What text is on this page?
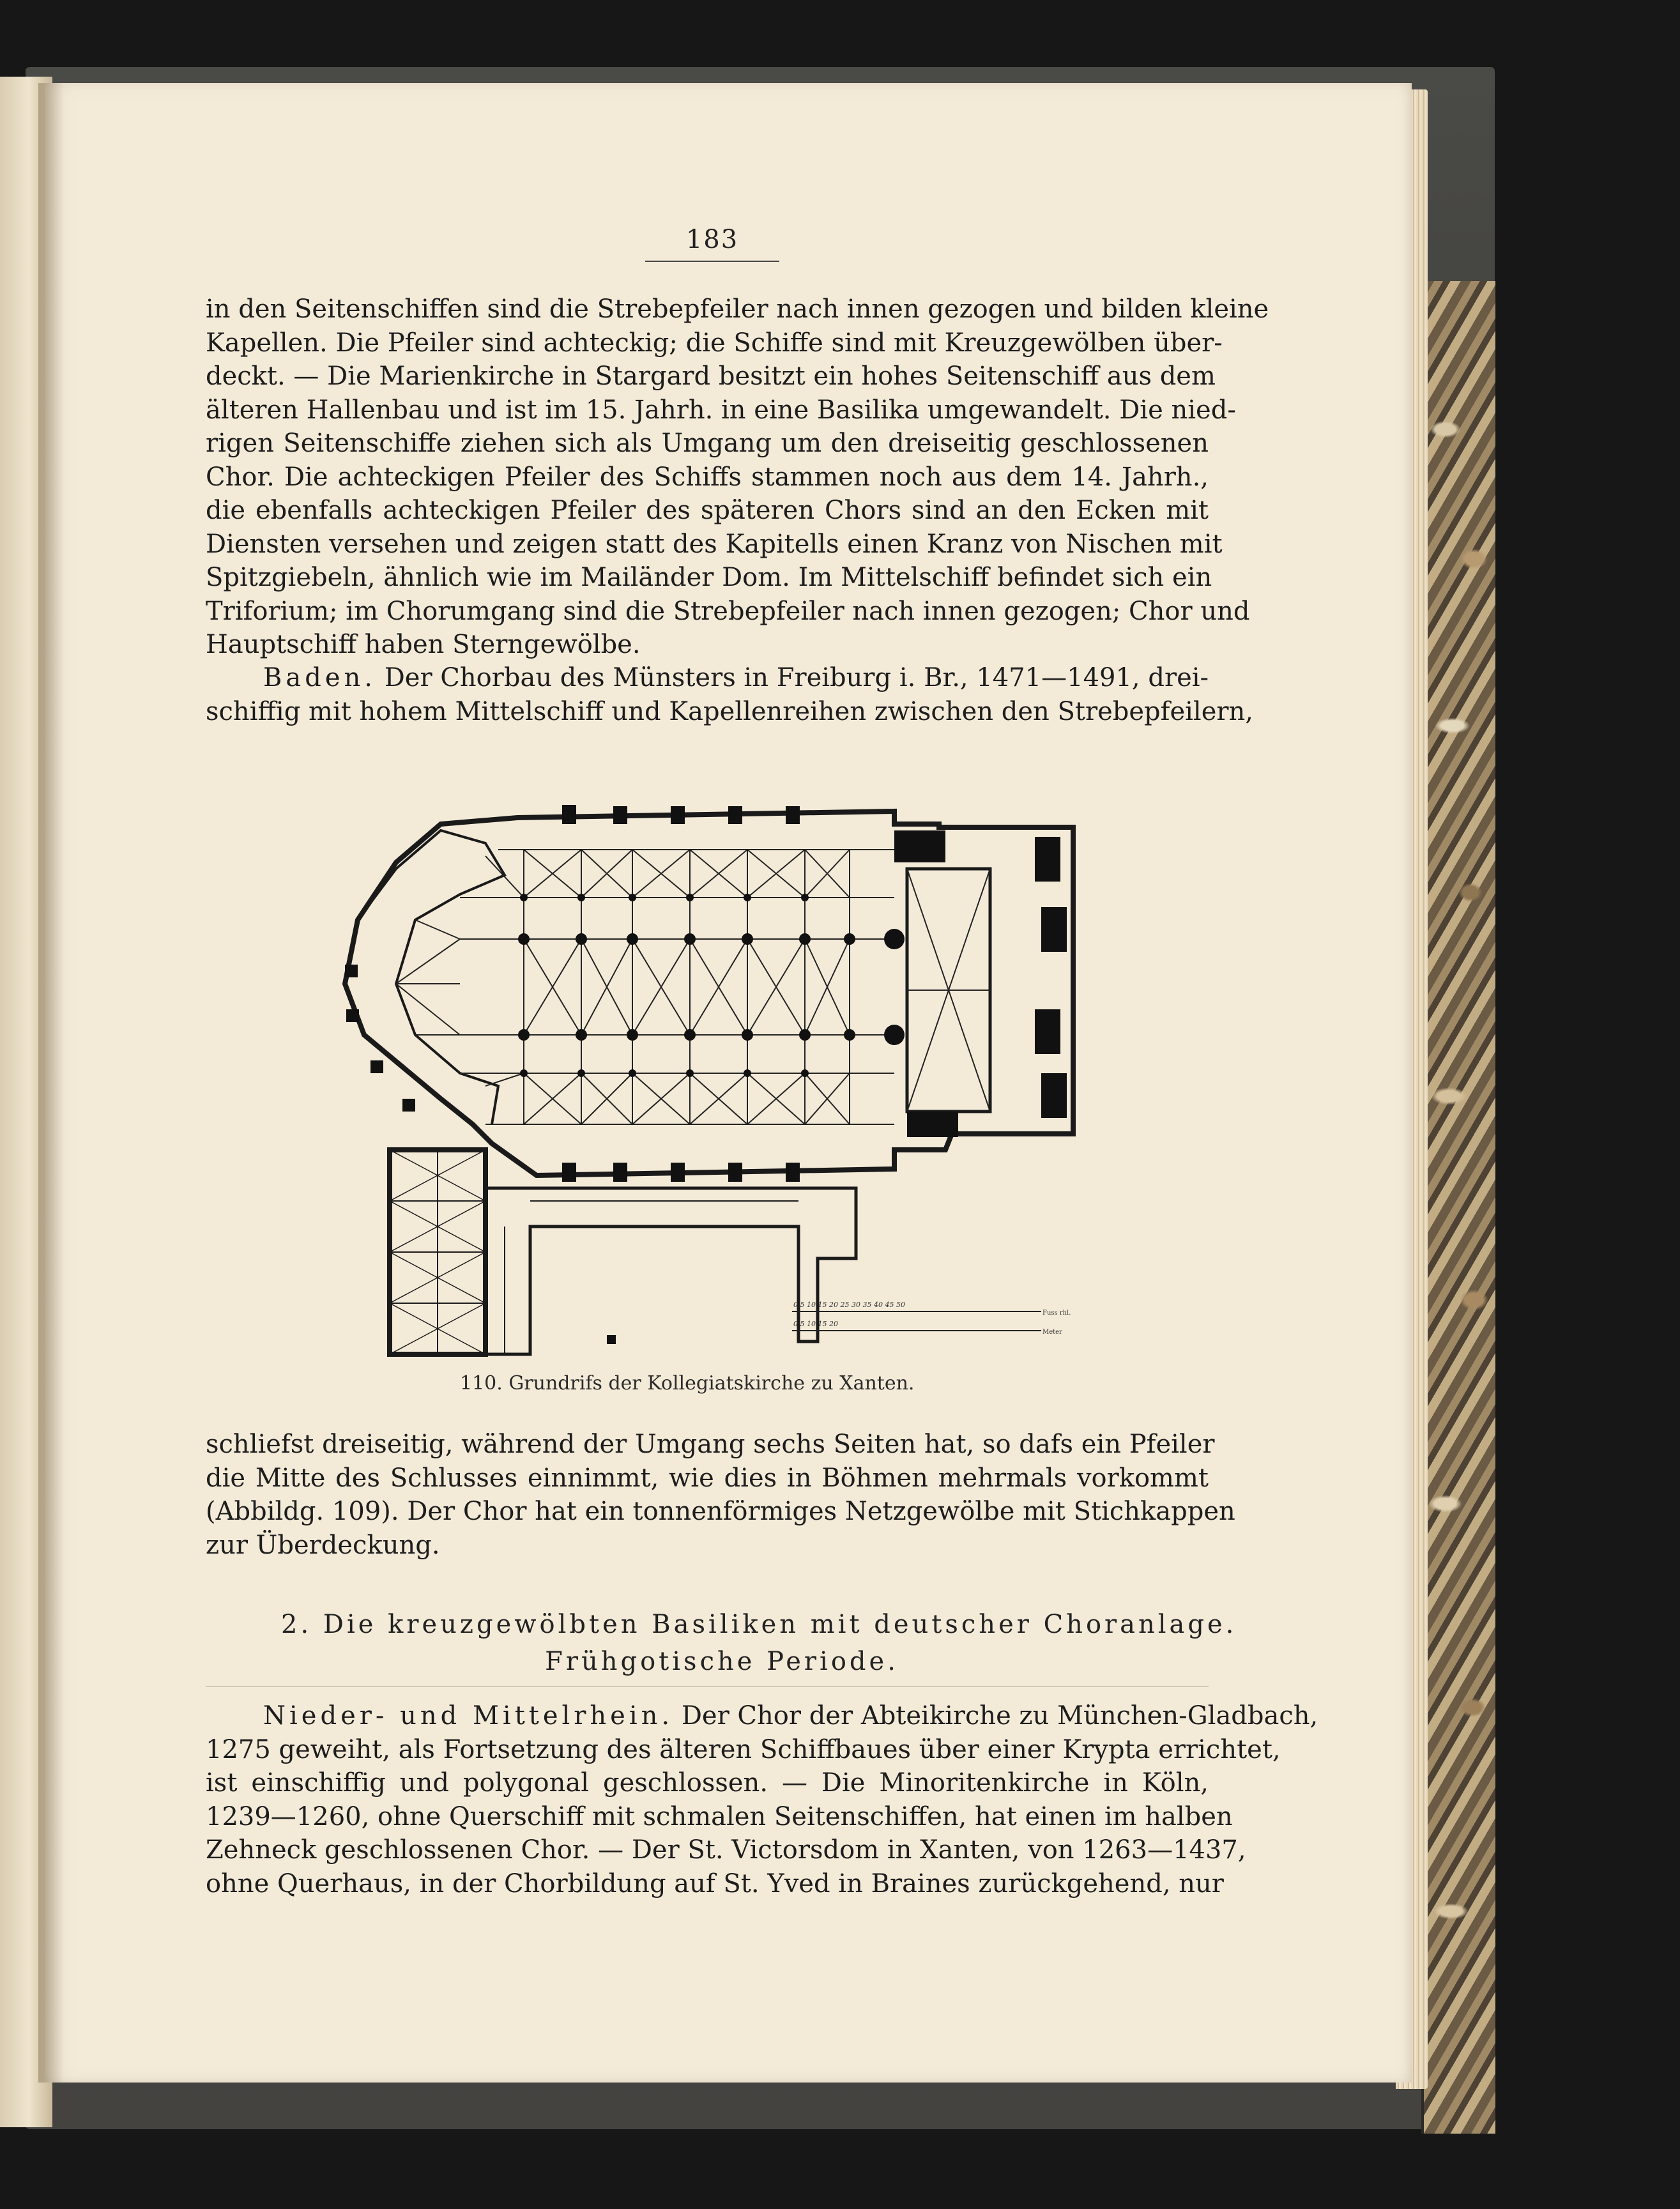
183
in den Seitenschiffen sind die Strebepfeiler nach innen gezogen und bilden kleine
Kapellen. Die Pfeiler sind achteckig; die Schiffe sind mit Kreuzgewölben über-
deckt. — Die Marienkirche in Stargard besitzt ein hohes Seitenschiff aus dem
älteren Hallenbau und ist im 15. Jahrh. in eine Basilika umgewandelt. Die nied-
rigen Seitenschiffe ziehen sich als Umgang um den dreiseitig geschlossenen
Chor. Die achteckigen Pfeiler des Schiffs stammen noch aus dem 14. Jahrh.,
die ebenfalls achteckigen Pfeiler des späteren Chors sind an den Ecken mit
Diensten versehen und zeigen statt des Kapitells einen Kranz von Nischen mit
Spitzgiebeln, ähnlich wie im Mailänder Dom. Im Mittelschiff befindet sich ein
Triforium; im Chorumgang sind die Strebepfeiler nach innen gezogen; Chor und
Hauptschiff haben Sterngewölbe.
Baden. Der Chorbau des Münsters in Freiburg i. Br., 1471—1491, drei-
schiffig mit hohem Mittelschiff und Kapellenreihen zwischen den Strebepfeilern,
0 5 10 15 20 25 30 35 40 45 50
Fuss rhl.
0 5 10 15 20
Meter
110. Grundrifs der Kollegiatskirche zu Xanten.
schliefst dreiseitig, während der Umgang sechs Seiten hat, so dafs ein Pfeiler
die Mitte des Schlusses einnimmt, wie dies in Böhmen mehrmals vorkommt
(Abbildg. 109). Der Chor hat ein tonnenförmiges Netzgewölbe mit Stichkappen
zur Überdeckung.
2. Die kreuzgewölbten Basiliken mit deutscher Choranlage.
Frühgotische Periode.
Nieder- und Mittelrhein. Der Chor der Abteikirche zu München-Gladbach,
1275 geweiht, als Fortsetzung des älteren Schiffbaues über einer Krypta errichtet,
ist einschiffig und polygonal geschlossen. — Die Minoritenkirche in Köln,
1239—1260, ohne Querschiff mit schmalen Seitenschiffen, hat einen im halben
Zehneck geschlossenen Chor. — Der St. Victorsdom in Xanten, von 1263—1437,
ohne Querhaus, in der Chorbildung auf St. Yved in Braines zurückgehend, nur
